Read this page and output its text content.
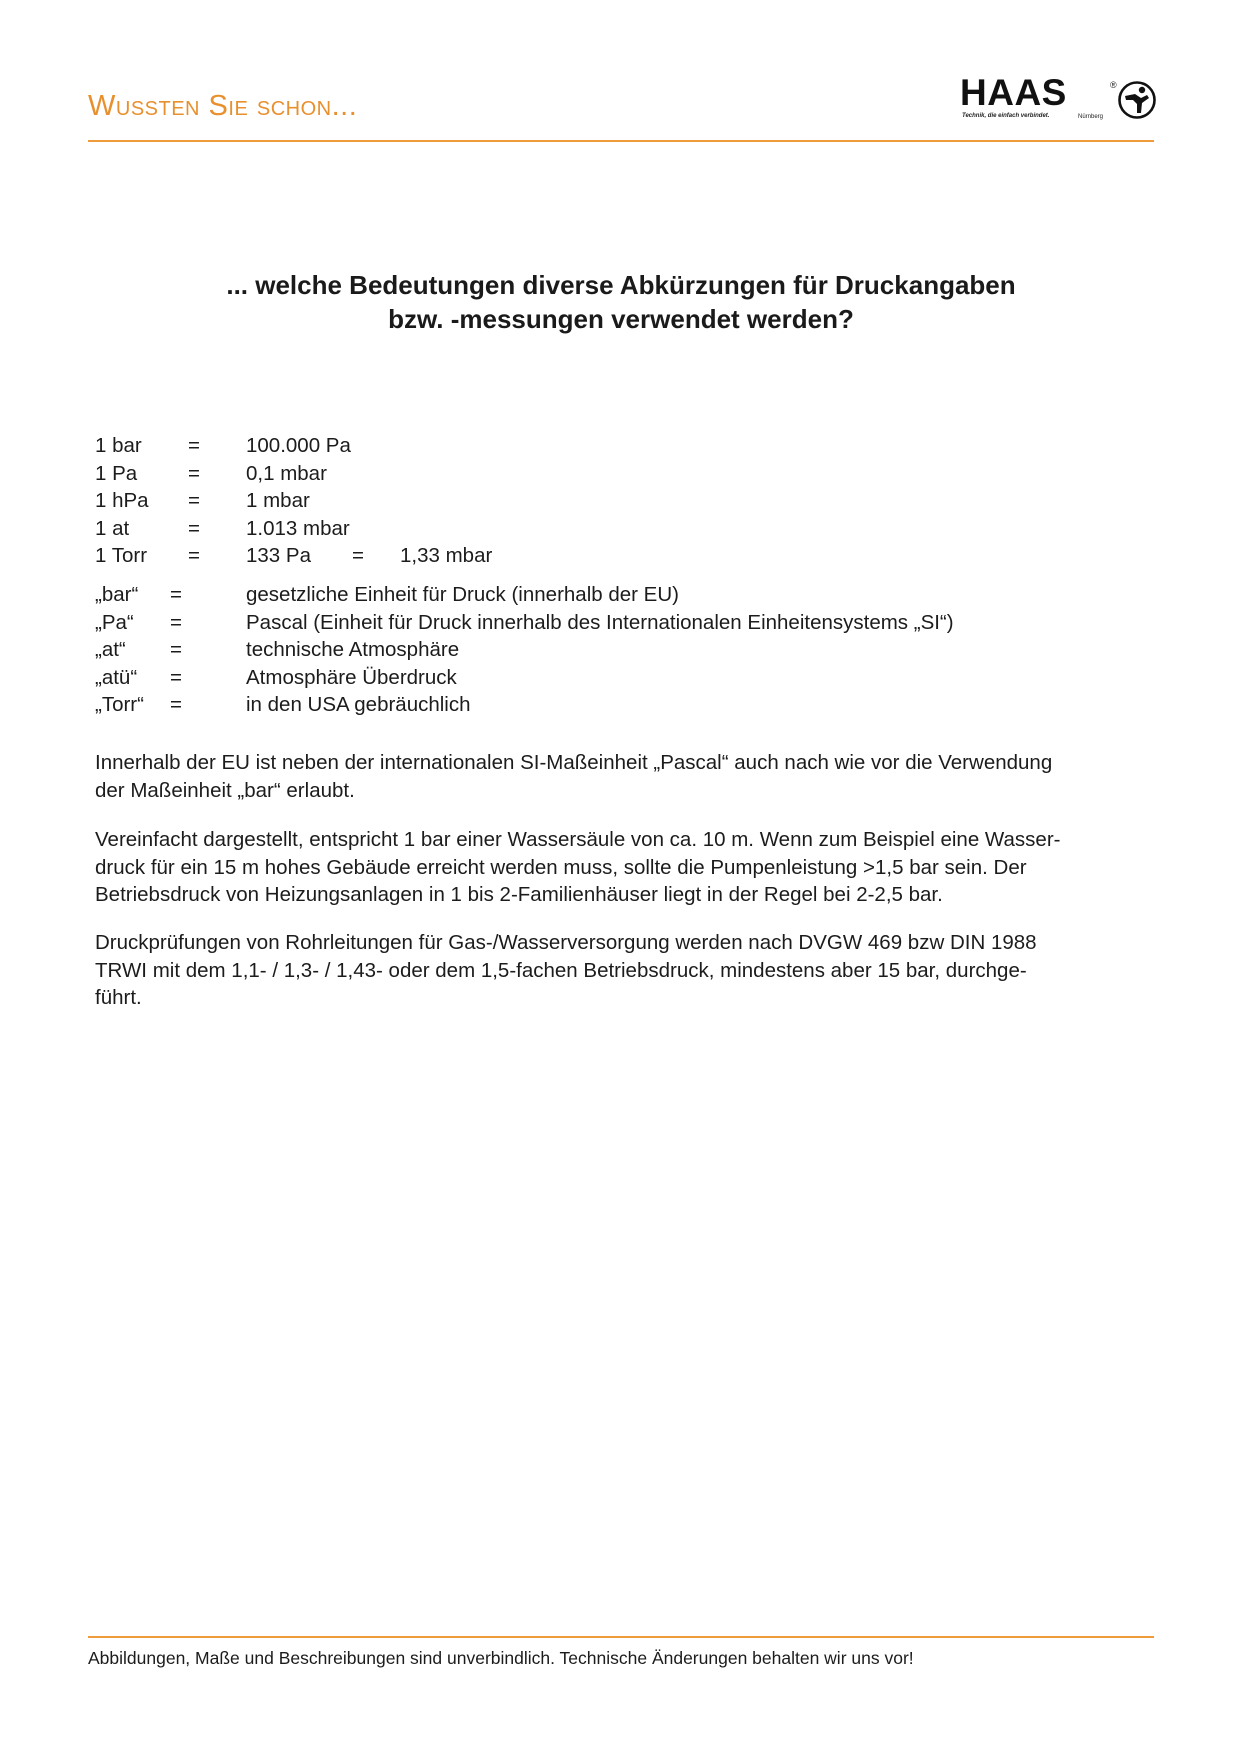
Wussten Sie schon...	HAAS	®
Technik, die einfach verbindet.	Nürnberg
... welche Bedeutungen diverse Abkürzungen für Druckangaben
bzw. -messungen verwendet werden?
1 bar = 100.000 Pa
1 Pa = 0,1 mbar
1 hPa = 1 mbar
1 at	= 1.013 mbar
1 Torr = 133 Pa = 1,33 mbar
„bar“ =	gesetzliche Einheit für Druck (innerhalb der EU)
„Pa“ =	Pascal (Einheit für Druck innerhalb des Internationalen Einheitensystems „SI“)
„at“ =	technische Atmosphäre
„atü“ =	Atmosphäre Überdruck
„Torr“ =	in den USA gebräuchlich
Innerhalb der EU ist neben der internationalen SI-Maßeinheit „Pascal“ auch nach wie vor die Verwendung
der Maßeinheit „bar“ erlaubt.
Vereinfacht dargestellt, entspricht 1 bar einer Wassersäule von ca. 10 m. Wenn zum Beispiel eine Wasser-
druck für ein 15 m hohes Gebäude erreicht werden muss, sollte die Pumpenleistung >1,5 bar sein. Der
Betriebsdruck von Heizungsanlagen in 1 bis 2-Familienhäuser liegt in der Regel bei 2-2,5 bar.
Druckprüfungen von Rohrleitungen für Gas-/Wasserversorgung werden nach DVGW 469 bzw DIN 1988
TRWI mit dem 1,1- / 1,3- / 1,43- oder dem 1,5-fachen Betriebsdruck, mindestens aber 15 bar, durchge-
führt.
Abbildungen, Maße und Beschreibungen sind unverbindlich. Technische Änderungen behalten wir uns vor!
